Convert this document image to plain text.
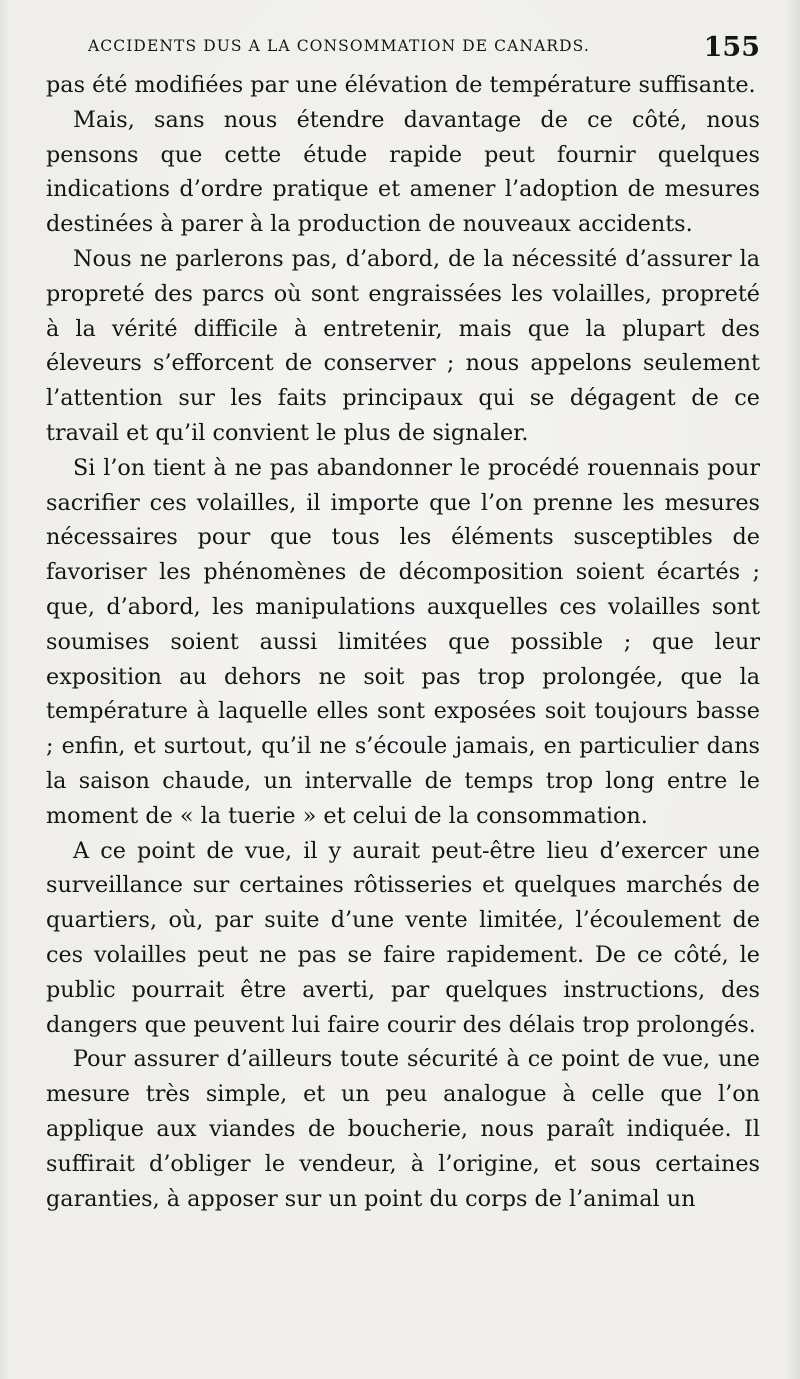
ACCIDENTS DUS A LA CONSOMMATION DE CANARDS.	155

pas été modifiées par une élévation de température suffisante.

Mais, sans nous étendre davantage de ce côté, nous pensons que cette étude rapide peut fournir quelques indications d’ordre pratique et amener l’adoption de mesures destinées à parer à la production de nouveaux accidents.

Nous ne parlerons pas, d’abord, de la nécessité d’assurer la propreté des parcs où sont engraissées les volailles, propreté à la vérité difficile à entretenir, mais que la plupart des éleveurs s’efforcent de conserver ; nous appelons seulement l’attention sur les faits principaux qui se dégagent de ce travail et qu’il convient le plus de signaler.

Si l’on tient à ne pas abandonner le procédé rouennais pour sacrifier ces volailles, il importe que l’on prenne les mesures nécessaires pour que tous les éléments susceptibles de favoriser les phénomènes de décomposition soient écartés ; que, d’abord, les manipulations auxquelles ces volailles sont soumises soient aussi limitées que possible ; que leur exposition au dehors ne soit pas trop prolongée, que la température à laquelle elles sont exposées soit toujours basse ; enfin, et surtout, qu’il ne s’écoule jamais, en particulier dans la saison chaude, un intervalle de temps trop long entre le moment de « la tuerie » et celui de la consommation.

A ce point de vue, il y aurait peut-être lieu d’exercer une surveillance sur certaines rôtisseries et quelques marchés de quartiers, où, par suite d’une vente limitée, l’écoulement de ces volailles peut ne pas se faire rapidement. De ce côté, le public pourrait être averti, par quelques instructions, des dangers que peuvent lui faire courir des délais trop prolongés.

Pour assurer d’ailleurs toute sécurité à ce point de vue, une mesure très simple, et un peu analogue à celle que l’on applique aux viandes de boucherie, nous paraît indiquée. Il suffirait d’obliger le vendeur, à l’origine, et sous certaines garanties, à apposer sur un point du corps de l’animal un
